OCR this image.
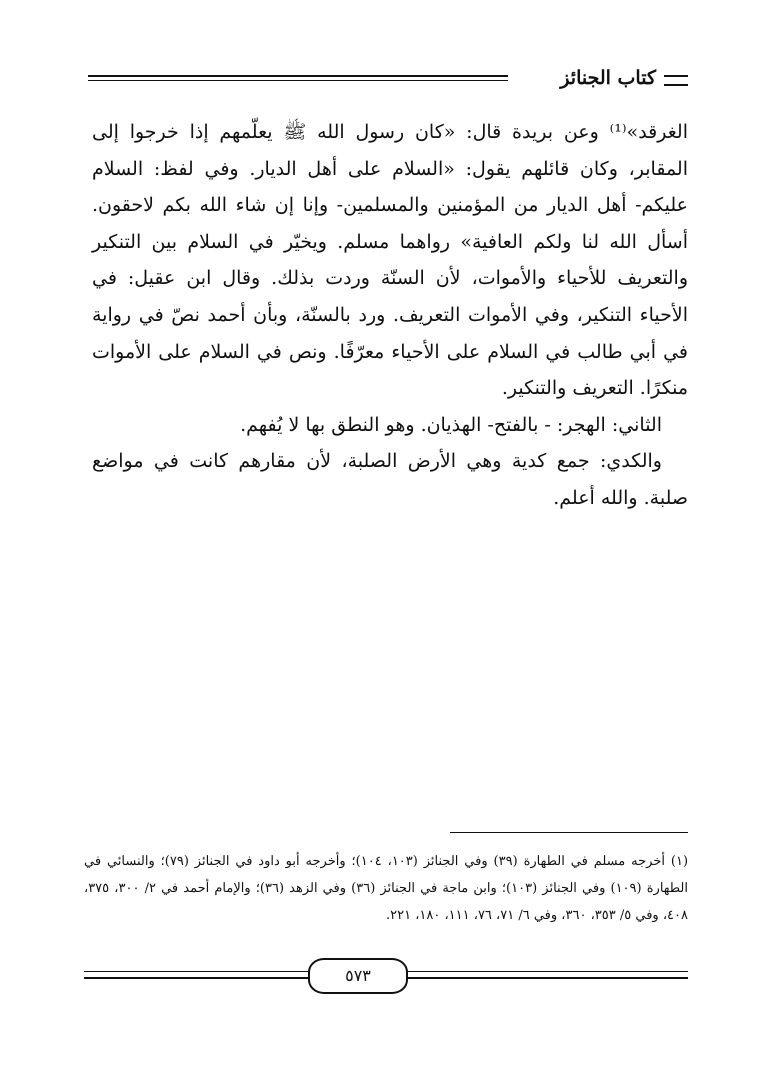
كتاب الجنائز

الغرقد»⁽¹⁾ وعن بريدة قال: «كان رسول الله ﷺ يعلّمهم إذا خرجوا إلى المقابر، وكان قائلهم يقول: «السلام على أهل الديار. وفي لفظ: السلام عليكم- أهل الديار من المؤمنين والمسلمين- وإنا إن شاء الله بكم لاحقون. أسأل الله لنا ولكم العافية» رواهما مسلم. ويخيّر في السلام بين التنكير والتعريف للأحياء والأموات، لأن السنّة وردت بذلك. وقال ابن عقيل: في الأحياء التنكير، وفي الأموات التعريف. ورد بالسنّة، وبأن أحمد نصّ في رواية في أبي طالب في السلام على الأحياء معرّفًا. ونص في السلام على الأموات منكرًا. التعريف والتنكير.

الثاني: الهجر: - بالفتح- الهذيان. وهو النطق بها لا يُفهم.

والكدي: جمع كدية وهي الأرض الصلبة، لأن مقارهم كانت في مواضع صلبة. والله أعلم.

(١) أخرجه مسلم في الطهارة (٣٩) وفي الجنائز (١٠٣، ١٠٤)؛ وأخرجه أبو داود في الجنائز (٧٩)؛ والنسائي في الطهارة (١٠٩) وفي الجنائز (١٠٣)؛ وابن ماجة في الجنائز (٣٦) وفي الزهد (٣٦)؛ والإمام أحمد في ٢/ ٣٠٠، ٣٧٥، ٤٠٨، وفي ٥/ ٣٥٣، ٣٦٠، وفي ٦/ ٧١، ٧٦، ١١١، ١٨٠، ٢٢١.
٥٧٣
